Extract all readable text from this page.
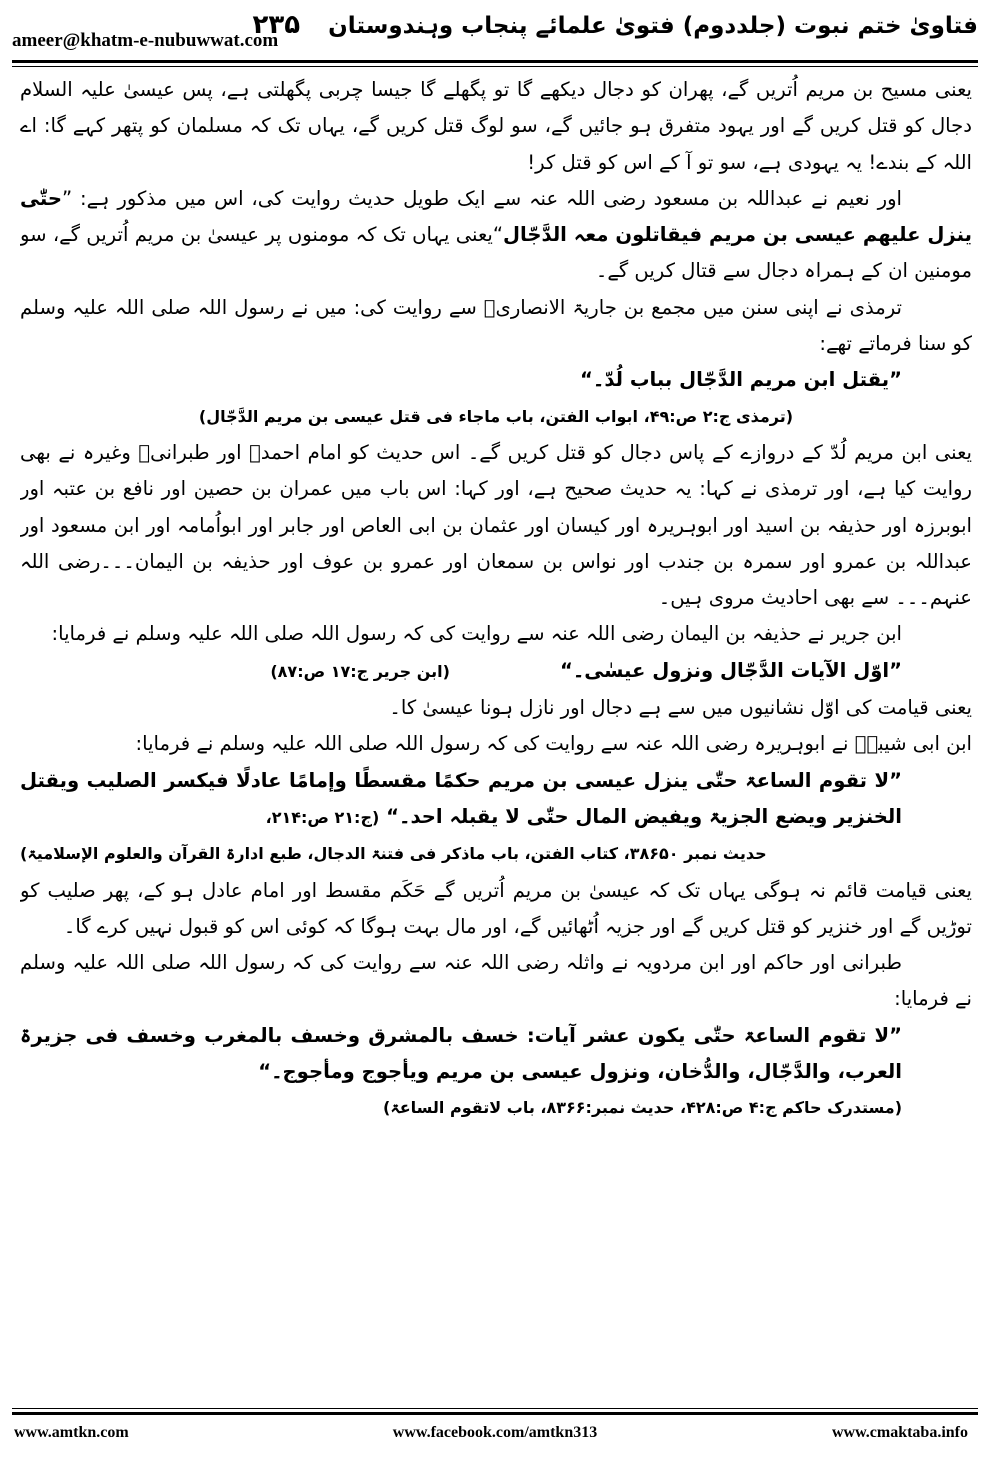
ameer@khatm-e-nubuwwat.com
فتاویٰ ختم نبوت (جلددوم) فتویٰ علمائے پنجاب وہندوستان ۲۳۵

یعنی مسیح بن مریم اُتریں گے، پھران کو دجال دیکھے گا تو پگھلے گا جیسا چربی پگھلتی ہے، پس عیسیٰ علیہ السلام دجال کو قتل کریں گے اور یہود متفرق ہو جائیں گے، سو لوگ قتل کریں گے، یہاں تک کہ مسلمان کو پتھر کہے گا: اے اللہ کے بندے! یہ یہودی ہے، سو تو آ کے اس کو قتل کر!

اور نعیم نے عبداللہ بن مسعود رضی اللہ عنہ سے ایک طویل حدیث روایت کی، اس میں مذکور ہے: ”حتّٰی ینزل علیھم عیسی بن مریم فیقاتلون معہ الدَّجّال“یعنی یہاں تک کہ مومنوں پر عیسیٰ بن مریم اُتریں گے، سو مومنین ان کے ہمراہ دجال سے قتال کریں گے۔

ترمذی نے اپنی سنن میں مجمع بن جاریۃ الانصاریؓ سے روایت کی: میں نے رسول اللہ صلی اللہ علیہ وسلم کو سنا فرماتے تھے:

”یقتل ابن مریم الدَّجّال بباب لُدّ۔“

(ترمذی ج:۲ ص:۴۹، ابواب الفتن، باب ماجاء فی قتل عیسی بن مریم الدَّجّال)

یعنی ابن مریم لُدّ کے دروازے کے پاس دجال کو قتل کریں گے۔ اس حدیث کو امام احمدؒ اور طبرانیؒ وغیرہ نے بھی روایت کیا ہے، اور ترمذی نے کہا: یہ حدیث صحیح ہے، اور کہا: اس باب میں عمران بن حصین اور نافع بن عتبہ اور ابوبرزہ اور حذیفہ بن اسید اور ابوہریرہ اور کیسان اور عثمان بن ابی العاص اور جابر اور ابواُمامہ اور ابن مسعود اور عبداللہ بن عمرو اور سمرہ بن جندب اور نواس بن سمعان اور عمرو بن عوف اور حذیفہ بن الیمان۔۔۔رضی اللہ عنہم۔۔۔ سے بھی احادیث مروی ہیں۔

ابن جریر نے حذیفہ بن الیمان رضی اللہ عنہ سے روایت کی کہ رسول اللہ صلی اللہ علیہ وسلم نے فرمایا:

”اوّل الآیات الدَّجّال ونزول عیسٰی۔“(ابن جریر ج:۱۷ ص:۸۷)

یعنی قیامت کی اوّل نشانیوں میں سے ہے دجال اور نازل ہونا عیسیٰ کا۔

ابن ابی شیبہؒ نے ابوہریرہ رضی اللہ عنہ سے روایت کی کہ رسول اللہ صلی اللہ علیہ وسلم نے فرمایا:

”لا تقوم الساعۃ حتّٰی ینزل عیسی بن مریم حکمًا مقسطًا وإمامًا عادلًا فیکسر الصلیب ویقتل الخنزیر ویضع الجزیۃ ویفیض المال حتّٰی لا یقبلہ احد۔“ (ج:۲۱ ص:۲۱۴،

حدیث نمبر ۳۸۶۵۰، کتاب الفتن، باب ماذکر فی فتنۃ الدجال، طبع ادارۃ القرآن والعلوم الإسلامیۃ)

یعنی قیامت قائم نہ ہوگی یہاں تک کہ عیسیٰ بن مریم اُتریں گے حَکَم مقسط اور امام عادل ہو کے، پھر صلیب کو توڑیں گے اور خنزیر کو قتل کریں گے اور جزیہ اُٹھائیں گے، اور مال بہت ہوگا کہ کوئی اس کو قبول نہیں کرے گا۔

طبرانی اور حاکم اور ابن مردویہ نے واثلہ رضی اللہ عنہ سے روایت کی کہ رسول اللہ صلی اللہ علیہ وسلم نے فرمایا:

”لا تقوم الساعۃ حتّٰی یکون عشر آیات: خسف بالمشرق وخسف بالمغرب وخسف فی جزیرۃ العرب، والدَّجّال، والدُّخان، ونزول عیسی بن مریم ویأجوج ومأجوج۔“

(مستدرک حاکم ج:۴ ص:۴۲۸، حدیث نمبر:۸۳۶۶، باب لاتقوم الساعۃ)

www.amtkn.com	www.facebook.com/amtkn313	www.cmaktaba.info
